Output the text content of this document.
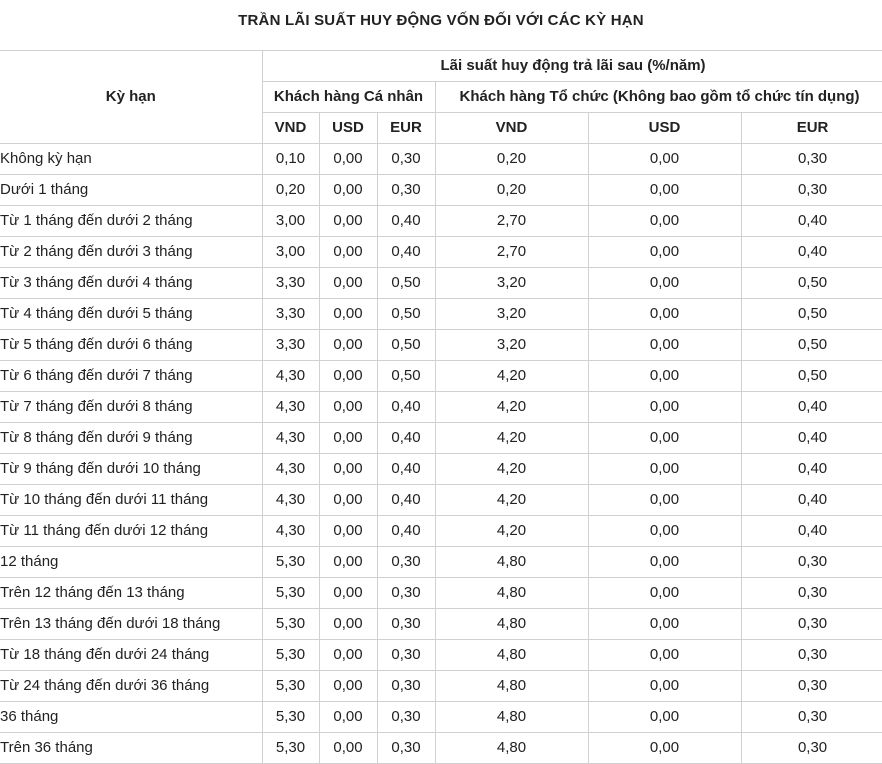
TRẦN LÃI SUẤT HUY ĐỘNG VỐN ĐỐI VỚI CÁC KỲ HẠN
Kỳ hạn	Lãi suất huy động trả lãi sau (%/năm)					
	Khách hàng Cá nhân			Khách hàng Tổ chức (Không bao gồm tổ chức tín dụng)		
	VND	USD	EUR	VND	USD	EUR
Không kỳ hạn	0,10	0,00	0,30	0,20	0,00	0,30
Dưới 1 tháng	0,20	0,00	0,30	0,20	0,00	0,30
Từ 1 tháng đến dưới 2 tháng	3,00	0,00	0,40	2,70	0,00	0,40
Từ 2 tháng đến dưới 3 tháng	3,00	0,00	0,40	2,70	0,00	0,40
Từ 3 tháng đến dưới 4 tháng	3,30	0,00	0,50	3,20	0,00	0,50
Từ 4 tháng đến dưới 5 tháng	3,30	0,00	0,50	3,20	0,00	0,50
Từ 5 tháng đến dưới 6 tháng	3,30	0,00	0,50	3,20	0,00	0,50
Từ 6 tháng đến dưới 7 tháng	4,30	0,00	0,50	4,20	0,00	0,50
Từ 7 tháng đến dưới 8 tháng	4,30	0,00	0,40	4,20	0,00	0,40
Từ 8 tháng đến dưới 9 tháng	4,30	0,00	0,40	4,20	0,00	0,40
Từ 9 tháng đến dưới 10 tháng	4,30	0,00	0,40	4,20	0,00	0,40
Từ 10 tháng đến dưới 11 tháng	4,30	0,00	0,40	4,20	0,00	0,40
Từ 11 tháng đến dưới 12 tháng	4,30	0,00	0,40	4,20	0,00	0,40
12 tháng	5,30	0,00	0,30	4,80	0,00	0,30
Trên 12 tháng đến 13 tháng	5,30	0,00	0,30	4,80	0,00	0,30
Trên 13 tháng đến dưới 18 tháng	5,30	0,00	0,30	4,80	0,00	0,30
Từ 18 tháng đến dưới 24 tháng	5,30	0,00	0,30	4,80	0,00	0,30
Từ 24 tháng đến dưới 36 tháng	5,30	0,00	0,30	4,80	0,00	0,30
36 tháng	5,30	0,00	0,30	4,80	0,00	0,30
Trên 36 tháng	5,30	0,00	0,30	4,80	0,00	0,30
